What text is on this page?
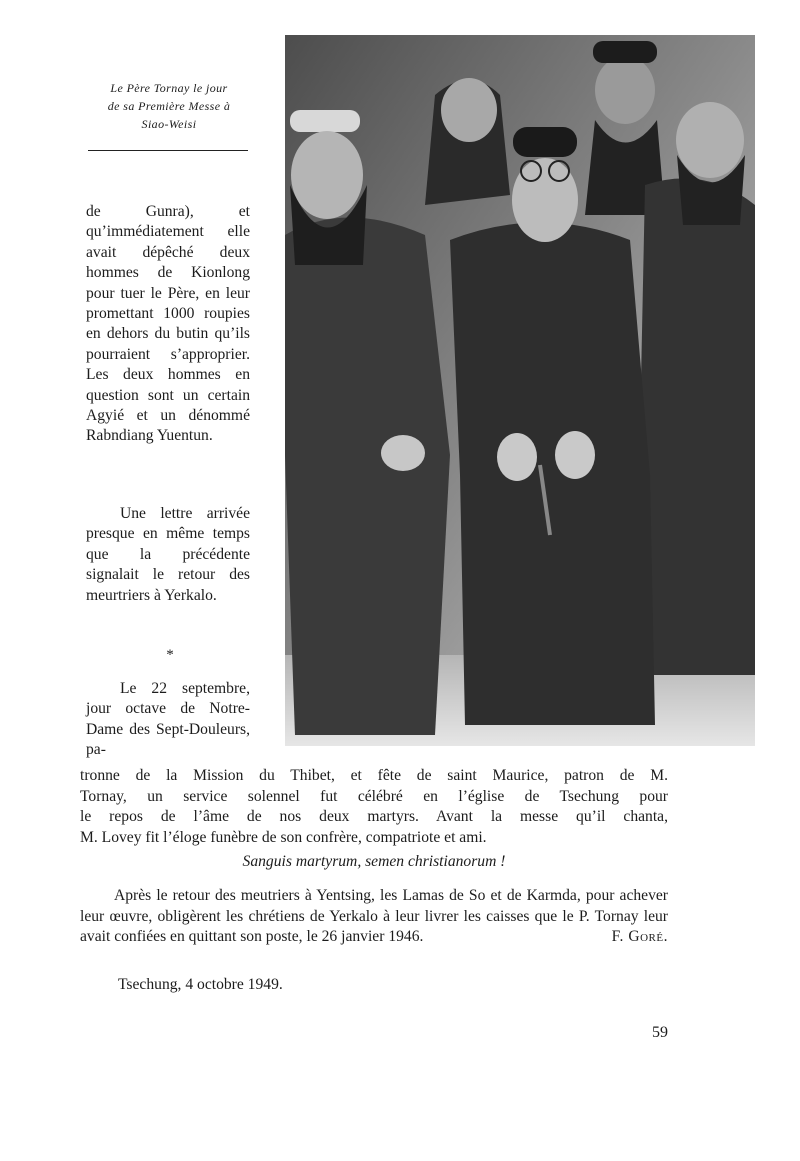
Le Père Tornay le jour
de sa Première Messe à
Siao-Weisi

de Gunra), et qu’immédiatement elle avait dépêché deux hommes de Kionlong pour tuer le Père, en leur promettant 1000 roupies en dehors du butin qu’ils pourraient s’approprier. Les deux hommes en question sont un certain Agyié et un dénommé Rabndiang Yuentun.

Une lettre arrivée presque en même temps que la précédente signalait le retour des meurtriers à Yerkalo.

*

Le 22 septembre, jour octave de Notre-Dame des Sept-Douleurs, pa-

tronne de la Mission du Thibet, et fête de saint Maurice, patron de M.
Tornay, un service solennel fut célébré en l’église de Tsechung pour
le repos de l’âme de nos deux martyrs. Avant la messe qu’il chanta,
M. Lovey fit l’éloge funèbre de son confrère, compatriote et ami.
Sanguis martyrum, semen christianorum !

Après le retour des meutriers à Yentsing, les Lamas de So et de Karmda, pour achever leur œuvre, obligèrent les chrétiens de Yerkalo à leur livrer les caisses que le P. Tornay leur avait confiées en quittant son poste, le 26 janvier 1946.	F. Goré.

Tsechung, 4 octobre 1949.
59
